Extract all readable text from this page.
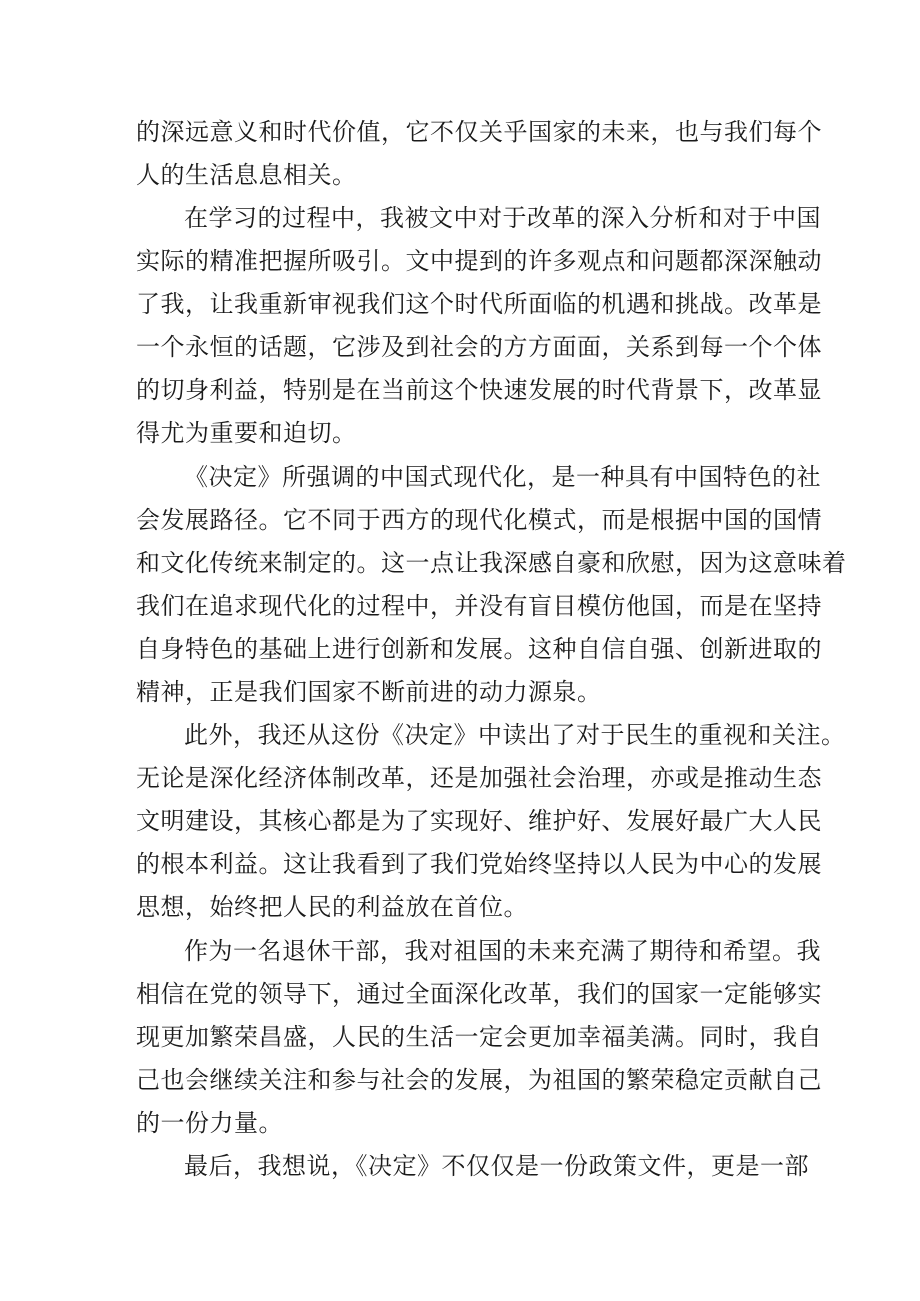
的深远意义和时代价值，它不仅关乎国家的未来，也与我们每个
人的生活息息相关。
在学习的过程中，我被文中对于改革的深入分析和对于中国
实际的精准把握所吸引。文中提到的许多观点和问题都深深触动
了我，让我重新审视我们这个时代所面临的机遇和挑战。改革是
一个永恒的话题，它涉及到社会的方方面面，关系到每一个个体
的切身利益，特别是在当前这个快速发展的时代背景下，改革显
得尤为重要和迫切。
《决定》所强调的中国式现代化，是一种具有中国特色的社
会发展路径。它不同于西方的现代化模式，而是根据中国的国情
和文化传统来制定的。这一点让我深感自豪和欣慰，因为这意味着
我们在追求现代化的过程中，并没有盲目模仿他国，而是在坚持
自身特色的基础上进行创新和发展。这种自信自强、创新进取的
精神，正是我们国家不断前进的动力源泉。
此外，我还从这份《决定》中读出了对于民生的重视和关注。
无论是深化经济体制改革，还是加强社会治理，亦或是推动生态
文明建设，其核心都是为了实现好、维护好、发展好最广大人民
的根本利益。这让我看到了我们党始终坚持以人民为中心的发展
思想，始终把人民的利益放在首位。
作为一名退休干部，我对祖国的未来充满了期待和希望。我
相信在党的领导下，通过全面深化改革，我们的国家一定能够实
现更加繁荣昌盛，人民的生活一定会更加幸福美满。同时，我自
己也会继续关注和参与社会的发展，为祖国的繁荣稳定贡献自己
的一份力量。
最后，我想说，《决定》不仅仅是一份政策文件，更是一部
